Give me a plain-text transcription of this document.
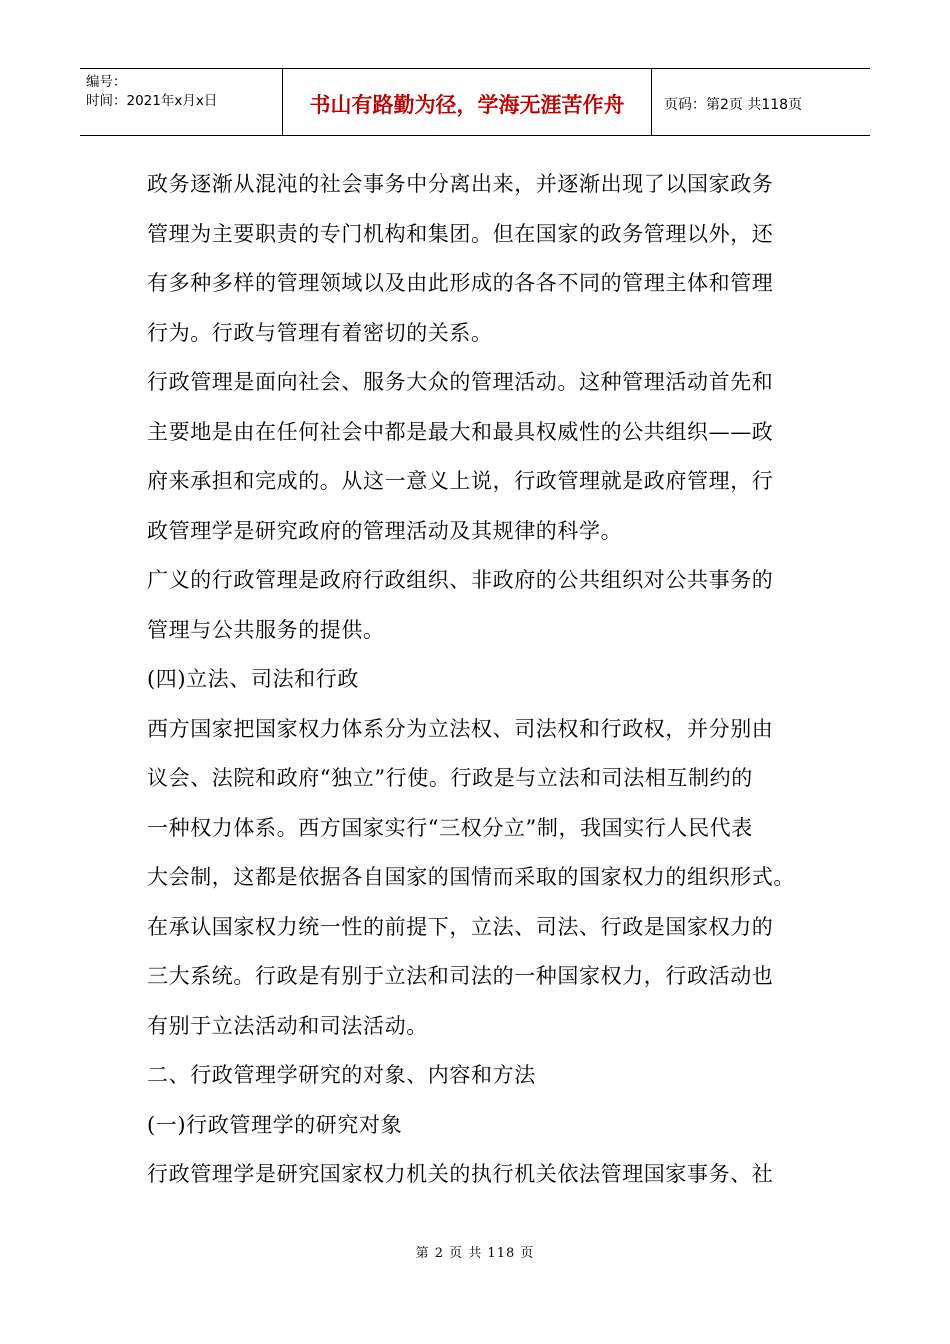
编号：
时间：2021年x月x日	书山有路勤为径，学海无涯苦作舟	页码：第2页 共118页
政务逐渐从混沌的社会事务中分离出来，并逐渐出现了以国家政务
管理为主要职责的专门机构和集团。但在国家的政务管理以外，还
有多种多样的管理领域以及由此形成的各各不同的管理主体和管理
行为。行政与管理有着密切的关系。
行政管理是面向社会、服务大众的管理活动。这种管理活动首先和
主要地是由在任何社会中都是最大和最具权威性的公共组织——政
府来承担和完成的。从这一意义上说，行政管理就是政府管理，行
政管理学是研究政府的管理活动及其规律的科学。
广义的行政管理是政府行政组织、非政府的公共组织对公共事务的
管理与公共服务的提供。
(四)立法、司法和行政
西方国家把国家权力体系分为立法权、司法权和行政权，并分别由
议会、法院和政府“独立”行使。行政是与立法和司法相互制约的
一种权力体系。西方国家实行“三权分立”制，我国实行人民代表
大会制，这都是依据各自国家的国情而采取的国家权力的组织形式。
在承认国家权力统一性的前提下，立法、司法、行政是国家权力的
三大系统。行政是有别于立法和司法的一种国家权力，行政活动也
有别于立法活动和司法活动。
二、行政管理学研究的对象、内容和方法
(一)行政管理学的研究对象
行政管理学是研究国家权力机关的执行机关依法管理国家事务、社
第 2 页 共 118 页
